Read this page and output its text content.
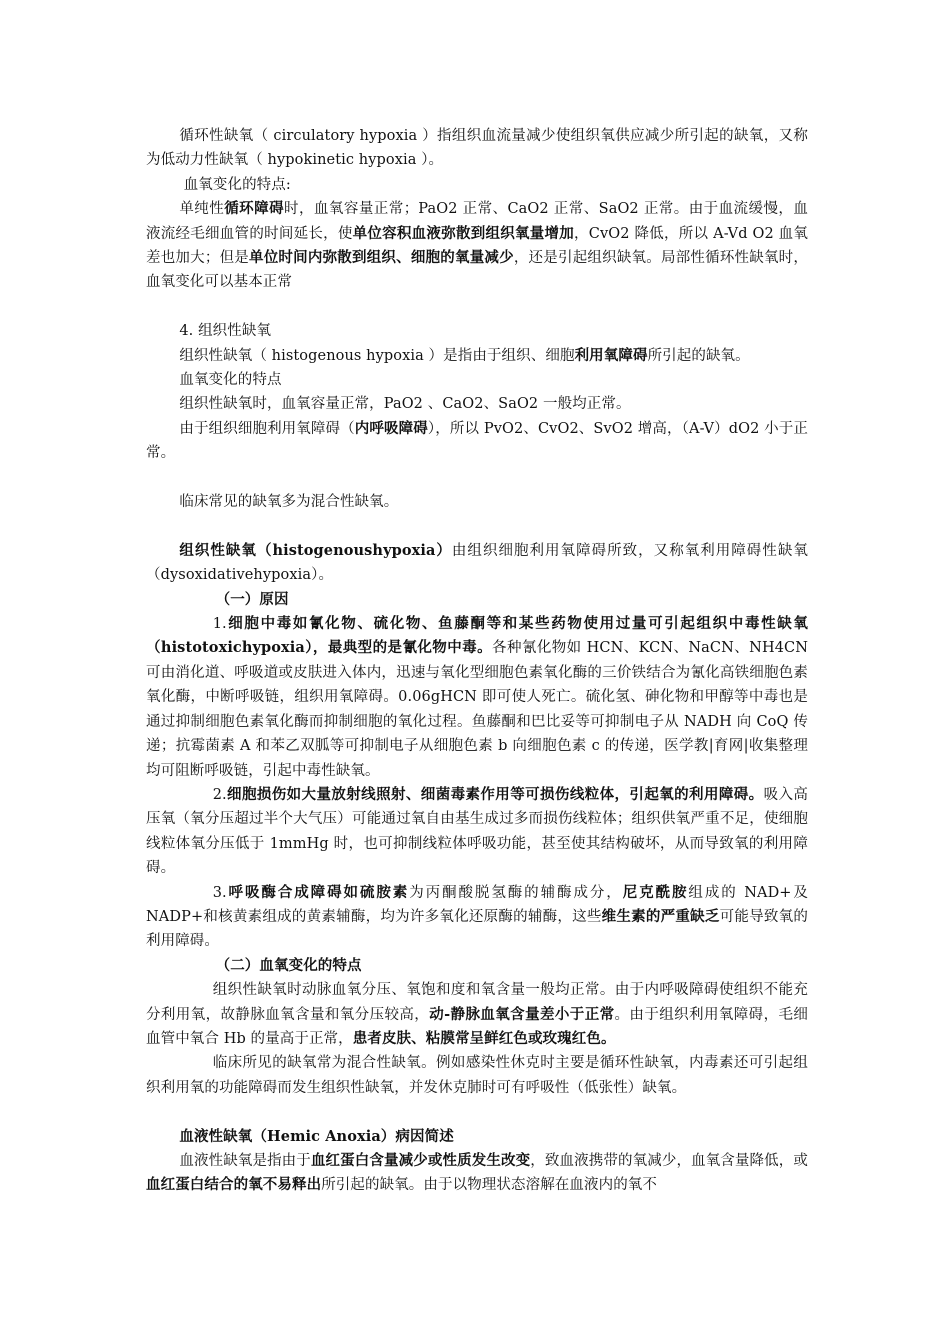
循环性缺氧（ circulatory hypoxia ）指组织血流量减少使组织氧供应减少所引起的缺氧，又称为低动力性缺氧（ hypokinetic hypoxia ）。

血氧变化的特点:

单纯性循环障碍时，血氧容量正常；PaO2 正常、CaO2 正常、SaO2 正常。由于血流缓慢，血液流经毛细血管的时间延长，使单位容积血液弥散到组织氧量增加，CvO2 降低，所以 A-Vd O2 血氧差也加大；但是单位时间内弥散到组织、细胞的氧量减少，还是引起组织缺氧。局部性循环性缺氧时，血氧变化可以基本正常

4. 组织性缺氧

组织性缺氧（ histogenous hypoxia ）是指由于组织、细胞利用氧障碍所引起的缺氧。

血氧变化的特点

组织性缺氧时，血氧容量正常，PaO2 、CaO2、SaO2 一般均正常。

由于组织细胞利用氧障碍（内呼吸障碍），所以 PvO2、CvO2、SvO2 增高，（A-V）dO2 小于正常。

临床常见的缺氧多为混合性缺氧。

组织性缺氧（histogenoushypoxia）由组织细胞利用氧障碍所致，又称氧利用障碍性缺氧（dysoxidativehypoxia）。

（一）原因

1.细胞中毒如氰化物、硫化物、鱼藤酮等和某些药物使用过量可引起组织中毒性缺氧（histotoxichypoxia），最典型的是氰化物中毒。各种氰化物如 HCN、KCN、NaCN、NH4CN 可由消化道、呼吸道或皮肤进入体内，迅速与氧化型细胞色素氧化酶的三价铁结合为氰化高铁细胞色素氧化酶，中断呼吸链，组织用氧障碍。0.06gHCN 即可使人死亡。硫化氢、砷化物和甲醇等中毒也是通过抑制细胞色素氧化酶而抑制细胞的氧化过程。鱼藤酮和巴比妥等可抑制电子从 NADH 向 CoQ 传递；抗霉菌素 A 和苯乙双胍等可抑制电子从细胞色素 b 向细胞色素 c 的传递，医学教|育网|收集整理均可阻断呼吸链，引起中毒性缺氧。

2.细胞损伤如大量放射线照射、细菌毒素作用等可损伤线粒体，引起氧的利用障碍。吸入高压氧（氧分压超过半个大气压）可能通过氧自由基生成过多而损伤线粒体；组织供氧严重不足，使细胞线粒体氧分压低于 1mmHg 时，也可抑制线粒体呼吸功能，甚至使其结构破坏，从而导致氧的利用障碍。

3.呼吸酶合成障碍如硫胺素为丙酮酸脱氢酶的辅酶成分，尼克酰胺组成的 NAD+及 NADP+和核黄素组成的黄素辅酶，均为许多氧化还原酶的辅酶，这些维生素的严重缺乏可能导致氧的利用障碍。

（二）血氧变化的特点

组织性缺氧时动脉血氧分压、氧饱和度和氧含量一般均正常。由于内呼吸障碍使组织不能充分利用氧，故静脉血氧含量和氧分压较高，动-静脉血氧含量差小于正常。由于组织利用氧障碍，毛细血管中氧合 Hb 的量高于正常，患者皮肤、粘膜常呈鲜红色或玫瑰红色。

临床所见的缺氧常为混合性缺氧。例如感染性休克时主要是循环性缺氧，内毒素还可引起组织利用氧的功能障碍而发生组织性缺氧，并发休克肺时可有呼吸性（低张性）缺氧。

血液性缺氧（Hemic Anoxia）病因简述

血液性缺氧是指由于血红蛋白含量减少或性质发生改变，致血液携带的氧减少，血氧含量降低，或血红蛋白结合的氧不易释出所引起的缺氧。由于以物理状态溶解在血液内的氧不
